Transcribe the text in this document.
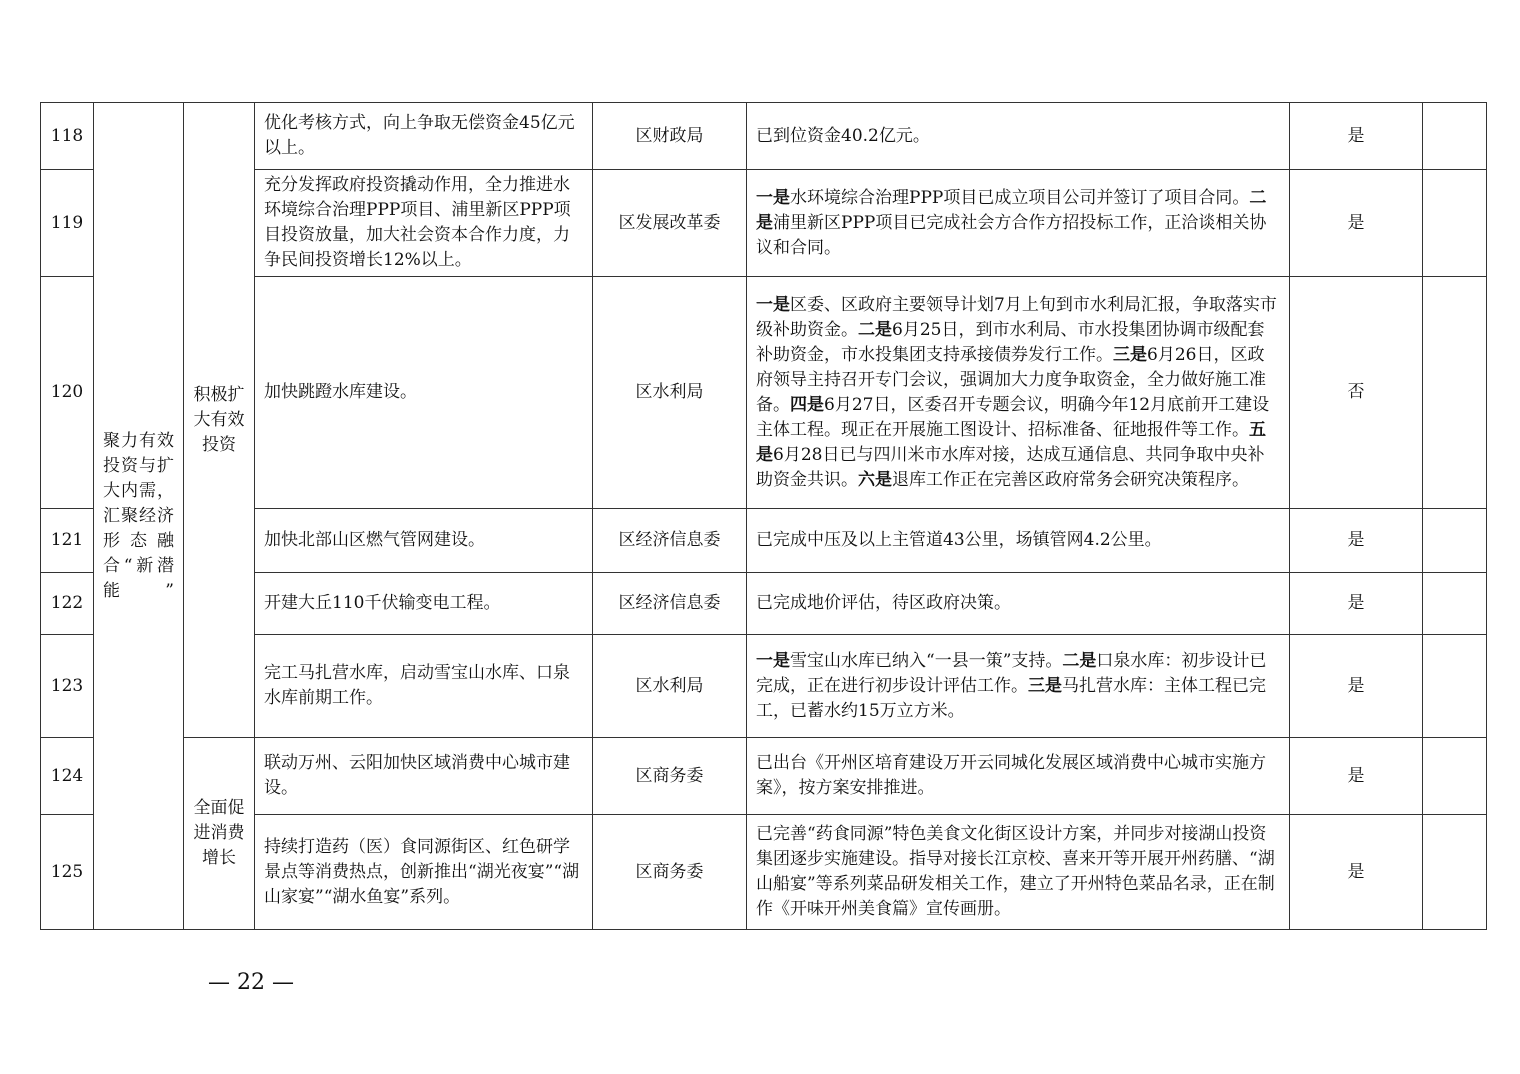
118	聚力有效投资与扩大内需，汇聚经济形态融合“新潜能”	积极扩大有效投资	优化考核方式，向上争取无偿资金45亿元以上。	区财政局	已到位资金40.2亿元。	是	
119			充分发挥政府投资撬动作用，全力推进水环境综合治理PPP项目、浦里新区PPP项目投资放量，加大社会资本合作力度，力争民间投资增长12%以上。	区发展改革委	一是水环境综合治理PPP项目已成立项目公司并签订了项目合同。二是浦里新区PPP项目已完成社会方合作方招投标工作，正洽谈相关协议和合同。	是	
120			加快跳蹬水库建设。	区水利局	一是区委、区政府主要领导计划7月上旬到市水利局汇报，争取落实市级补助资金。二是6月25日，到市水利局、市水投集团协调市级配套补助资金，市水投集团支持承接债券发行工作。三是6月26日，区政府领导主持召开专门会议，强调加大力度争取资金，全力做好施工准备。四是6月27日，区委召开专题会议，明确今年12月底前开工建设主体工程。现正在开展施工图设计、招标准备、征地报件等工作。五是6月28日已与四川米市水库对接，达成互通信息、共同争取中央补助资金共识。六是退库工作正在完善区政府常务会研究决策程序。	否	
121			加快北部山区燃气管网建设。	区经济信息委	已完成中压及以上主管道43公里，场镇管网4.2公里。	是	
122			开建大丘110千伏输变电工程。	区经济信息委	已完成地价评估，待区政府决策。	是	
123			完工马扎营水库，启动雪宝山水库、口泉水库前期工作。	区水利局	一是雪宝山水库已纳入“一县一策”支持。二是口泉水库：初步设计已完成，正在进行初步设计评估工作。三是马扎营水库：主体工程已完工，已蓄水约15万立方米。	是	
124		全面促进消费增长	联动万州、云阳加快区域消费中心城市建设。	区商务委	已出台《开州区培育建设万开云同城化发展区域消费中心城市实施方案》，按方案安排推进。	是	
125			持续打造药（医）食同源街区、红色研学景点等消费热点，创新推出“湖光夜宴”“湖山家宴”“湖水鱼宴”系列。	区商务委	已完善“药食同源”特色美食文化街区设计方案，并同步对接湖山投资集团逐步实施建设。指导对接长江京校、喜来开等开展开州药膳、“湖山船宴”等系列菜品研发相关工作，建立了开州特色菜品名录，正在制作《开味开州美食篇》宣传画册。	是	
— 22 —
